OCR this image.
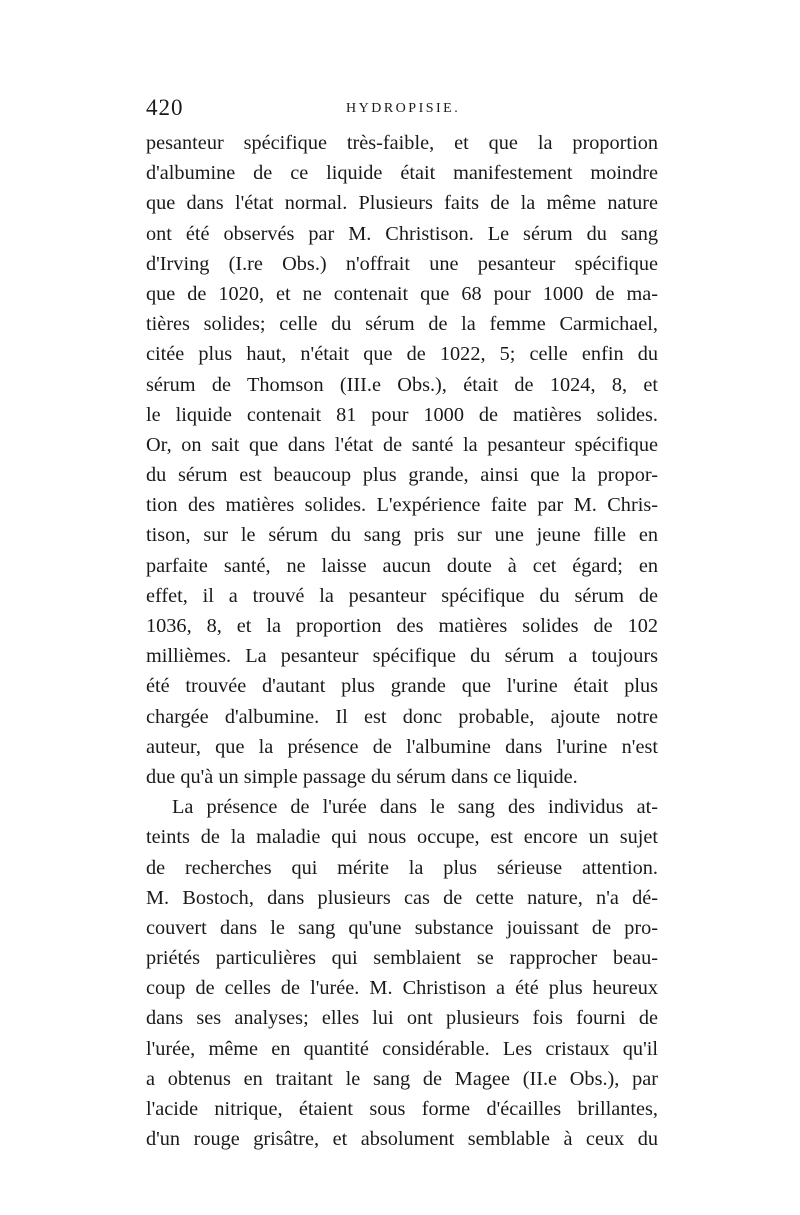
420	HYDROPISIE.
pesanteur spécifique très-faible, et que la proportion
d'albumine de ce liquide était manifestement moindre
que dans l'état normal. Plusieurs faits de la même nature
ont été observés par M. Christison. Le sérum du sang
d'Irving (I.re Obs.) n'offrait une pesanteur spécifique
que de 1020, et ne contenait que 68 pour 1000 de ma-
tières solides; celle du sérum de la femme Carmichael,
citée plus haut, n'était que de 1022, 5; celle enfin du
sérum de Thomson (III.e Obs.), était de 1024, 8, et
le liquide contenait 81 pour 1000 de matières solides.
Or, on sait que dans l'état de santé la pesanteur spécifique
du sérum est beaucoup plus grande, ainsi que la propor-
tion des matières solides. L'expérience faite par M. Chris-
tison, sur le sérum du sang pris sur une jeune fille en
parfaite santé, ne laisse aucun doute à cet égard; en
effet, il a trouvé la pesanteur spécifique du sérum de
1036, 8, et la proportion des matières solides de 102
millièmes. La pesanteur spécifique du sérum a toujours
été trouvée d'autant plus grande que l'urine était plus
chargée d'albumine. Il est donc probable, ajoute notre
auteur, que la présence de l'albumine dans l'urine n'est
due qu'à un simple passage du sérum dans ce liquide.
La présence de l'urée dans le sang des individus at-
teints de la maladie qui nous occupe, est encore un sujet
de recherches qui mérite la plus sérieuse attention.
M. Bostoch, dans plusieurs cas de cette nature, n'a dé-
couvert dans le sang qu'une substance jouissant de pro-
priétés particulières qui semblaient se rapprocher beau-
coup de celles de l'urée. M. Christison a été plus heureux
dans ses analyses; elles lui ont plusieurs fois fourni de
l'urée, même en quantité considérable. Les cristaux qu'il
a obtenus en traitant le sang de Magee (II.e Obs.), par
l'acide nitrique, étaient sous forme d'écailles brillantes,
d'un rouge grisâtre, et absolument semblable à ceux du
